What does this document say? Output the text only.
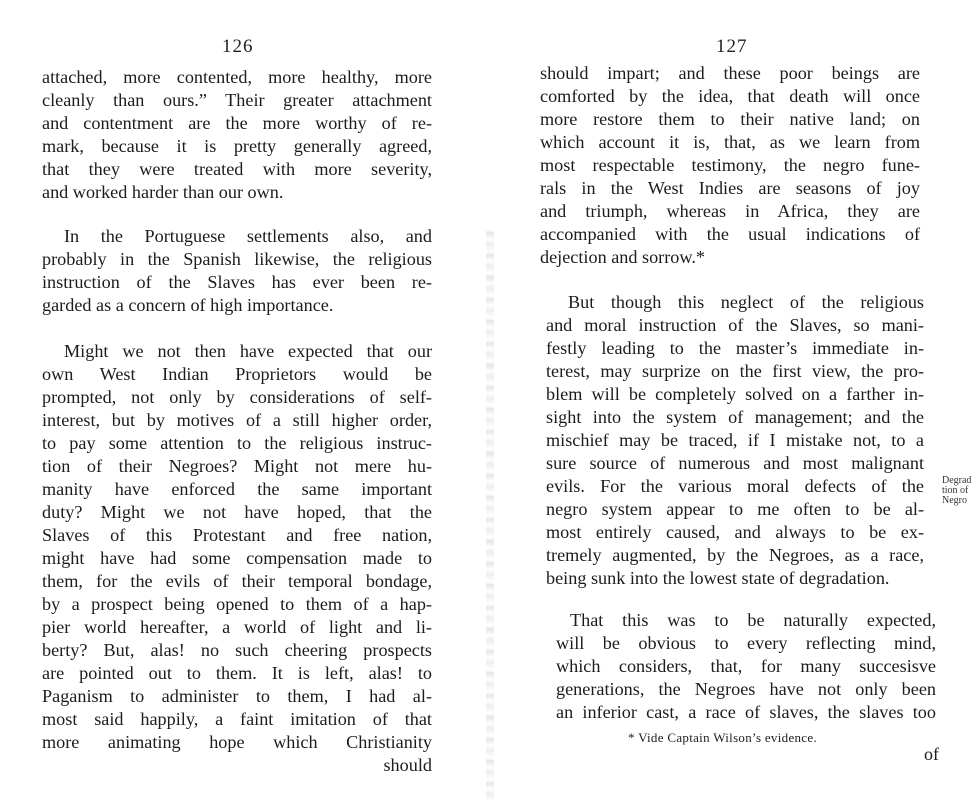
126
attached, more contented, more healthy, more
cleanly than ours.” Their greater attachment
and contentment are the more worthy of re-
mark, because it is pretty generally agreed,
that they were treated with more severity,
and worked harder than our own.
In the Portuguese settlements also, and
probably in the Spanish likewise, the religious
instruction of the Slaves has ever been re-
garded as a concern of high importance.
Might we not then have expected that our
own West Indian Proprietors would be
prompted, not only by considerations of self-
interest, but by motives of a still higher order,
to pay some attention to the religious instruc-
tion of their Negroes? Might not mere hu-
manity have enforced the same important
duty? Might we not have hoped, that the
Slaves of this Protestant and free nation,
might have had some compensation made to
them, for the evils of their temporal bondage,
by a prospect being opened to them of a hap-
pier world hereafter, a world of light and li-
berty? But, alas! no such cheering prospects
are pointed out to them. It is left, alas! to
Paganism to administer to them, I had al-
most said happily, a faint imitation of that
more animating hope which Christianity
should
127
should impart; and these poor beings are
comforted by the idea, that death will once
more restore them to their native land; on
which account it is, that, as we learn from
most respectable testimony, the negro fune-
rals in the West Indies are seasons of joy
and triumph, whereas in Africa, they are
accompanied with the usual indications of
dejection and sorrow.*
But though this neglect of the religious
and moral instruction of the Slaves, so mani-
festly leading to the master’s immediate in-
terest, may surprize on the first view, the pro-
blem will be completely solved on a farther in-
sight into the system of management; and the
mischief may be traced, if I mistake not, to a
sure source of numerous and most malignant
evils. For the various moral defects of the
negro system appear to me often to be al-
most entirely caused, and always to be ex-
tremely augmented, by the Negroes, as a race,
being sunk into the lowest state of degradation.
Degrad
tion of
Negro
That this was to be naturally expected,
will be obvious to every reflecting mind,
which considers, that, for many succesisve
generations, the Negroes have not only been
an inferior cast, a race of slaves, the slaves too
* Vide Captain Wilson’s evidence.
of
